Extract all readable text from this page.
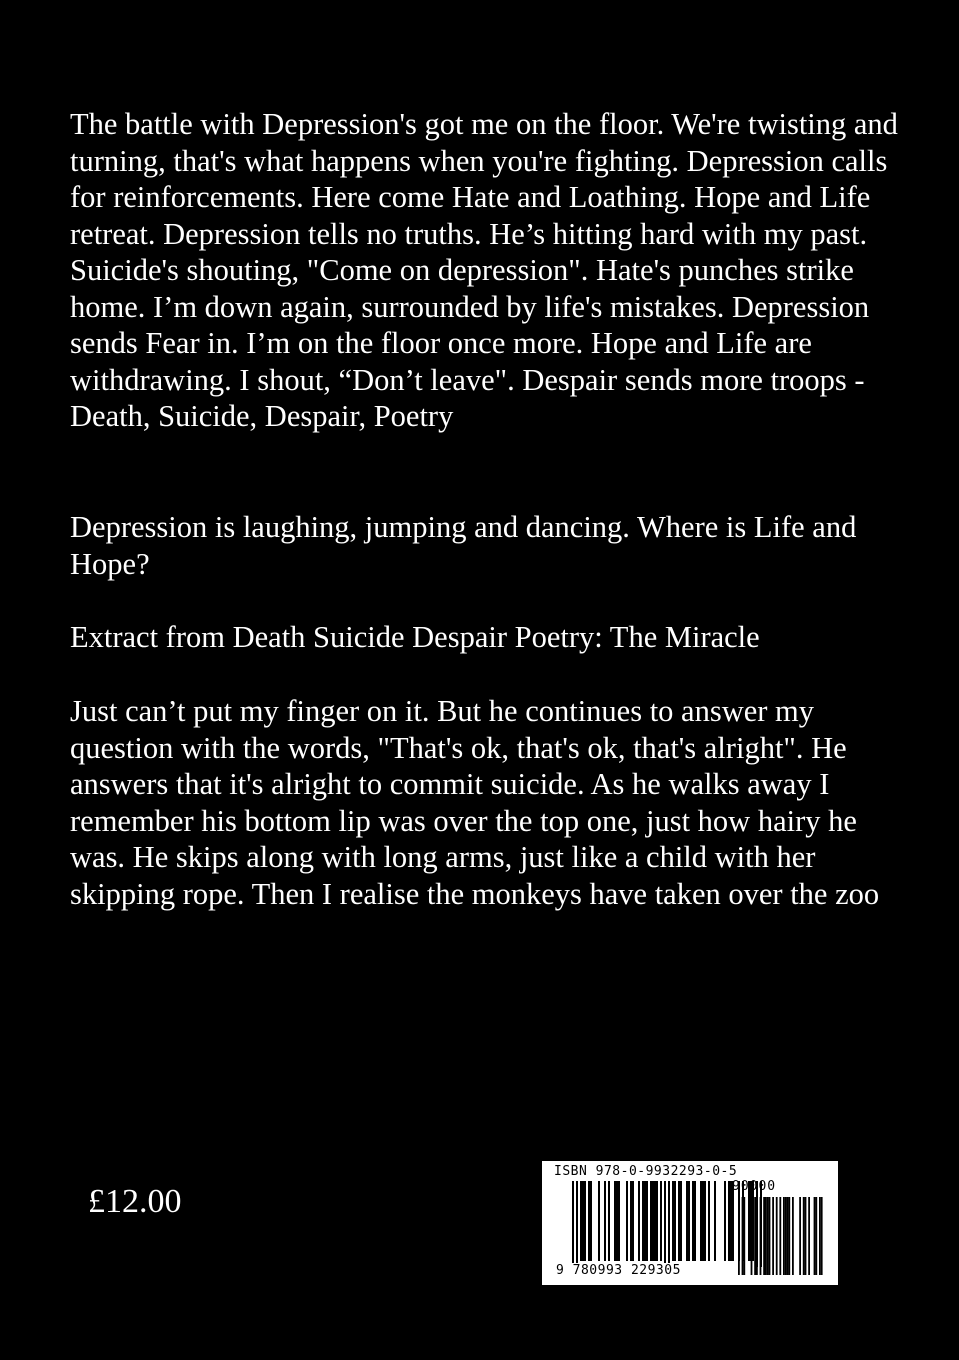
The battle with Depression's got me on the floor. We're twisting and turning, that's what happens when you're fighting. Depression calls for reinforcements. Here come Hate and Loathing. Hope and Life retreat. Depression tells no truths. He’s hitting hard with my past. Suicide's shouting, "Come on depression". Hate's punches strike home. I’m down again, surrounded by life's mistakes. Depression sends Fear in. I’m on the floor once more. Hope and Life are withdrawing. I shout, “Don’t leave". Despair sends more troops - Death, Suicide, Despair, Poetry

Depression is laughing, jumping and dancing. Where is Life and Hope?

Extract from Death Suicide Despair Poetry: The Miracle

Just can’t put my finger on it. But he continues to answer my question with the words, "That's ok, that's ok, that's alright". He answers that it's alright to commit suicide. As he walks away I remember his bottom lip was over the top one, just how hairy he was. He skips along with long arms, just like a child with her skipping rope. Then I realise the monkeys have taken over the zoo

£12.00

ISBN 978-0-9932293-0-5
90000
9 780993 229305
